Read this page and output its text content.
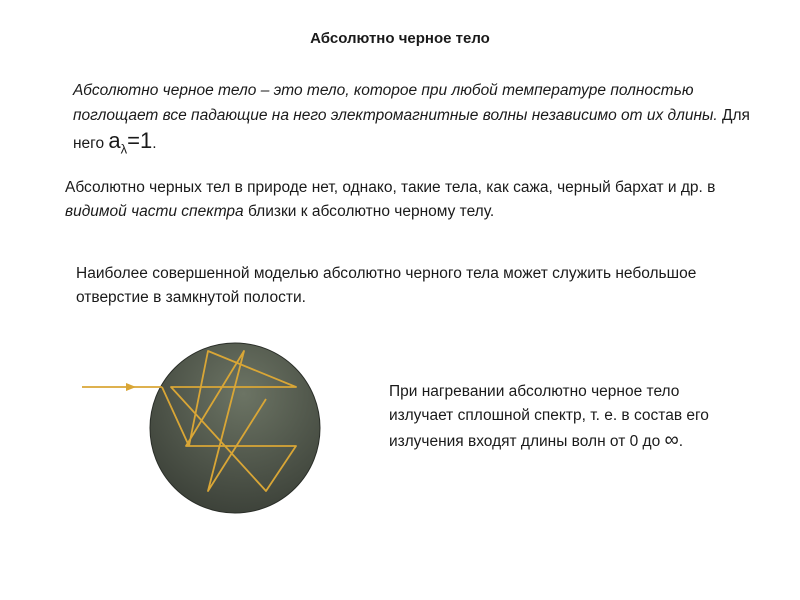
Абсолютно черное тело
Абсолютно черное тело – это тело, которое при любой температуре полностью поглощает все падающие на него электромагнитные волны независимо от их длины. Для него $a_\lambda=1$.
Абсолютно черных тел в природе нет, однако, такие тела, как сажа, черный бархат и др. в видимой части спектра близки к абсолютно черному телу.
Наиболее совершенной моделью абсолютно черного тела может служить небольшое отверстие в замкнутой полости.
При нагревании абсолютно черное тело излучает сплошной спектр, т. е. в состав его излучения входят длины волн от 0 до ∞.
